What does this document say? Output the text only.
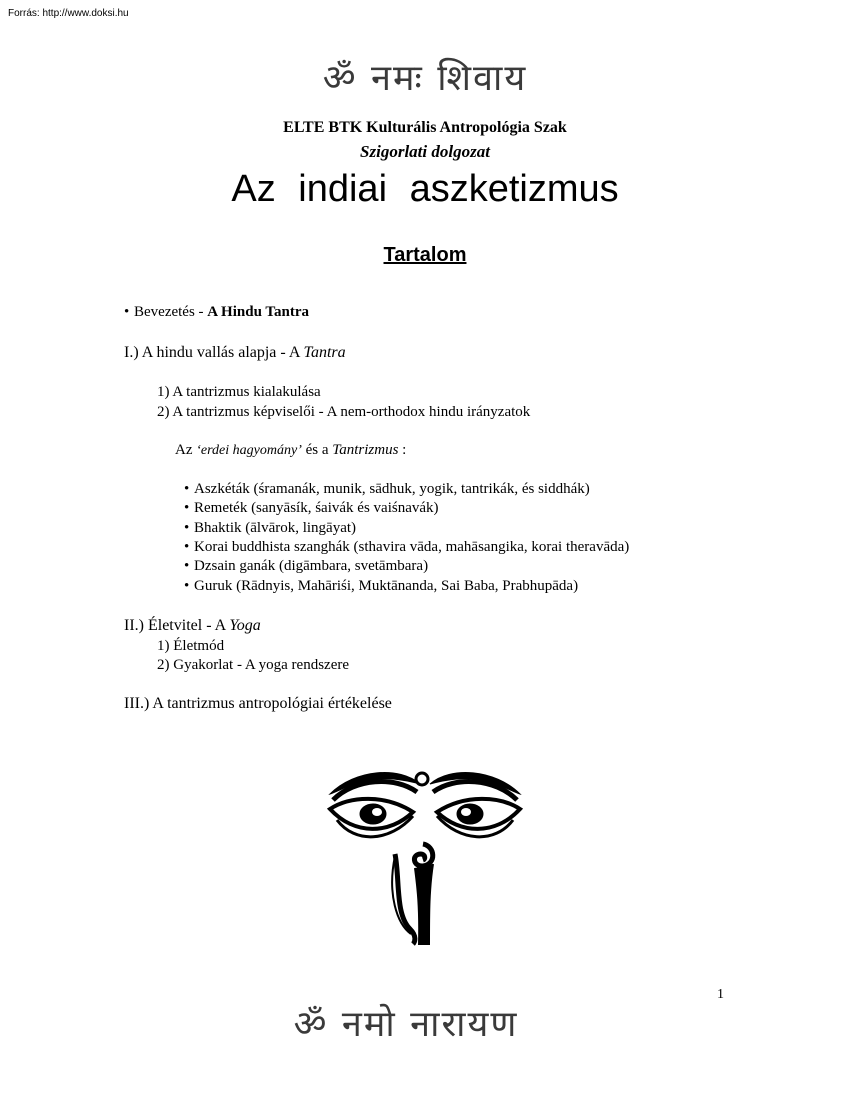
Forrás: http://www.doksi.hu
ॐ नमः शिवाय
ELTE BTK Kulturális Antropológia Szak
Szigorlati dolgozat
Az indiai aszketizmus
Tartalom
• Bevezetés - A Hindu Tantra
I.) A hindu vallás alapja - A Tantra
1) A tantrizmus kialakulása
2) A tantrizmus képviselői - A nem-orthodox hindu irányzatok
Az ‘erdei hagyomány’ és a Tantrizmus :
• Aszkéták (śramanák, munik, sādhuk, yogik, tantrikák, és siddhák)
• Remeték (sanyāsík, śaivák és vaiśnavák)
• Bhaktik (ālvārok, lingāyat)
• Korai buddhista szanghák (sthavira vāda, mahāsangika, korai theravāda)
• Dzsain ganák (digāmbara, svetāmbara)
• Guruk (Rādnyis, Mahāriśi, Muktānanda, Sai Baba, Prabhupāda)
II.) Életvitel - A Yoga
1) Életmód
2) Gyakorlat - A yoga rendszere
III.) A tantrizmus antropológiai értékelése
1
ॐ नमो नारायण
